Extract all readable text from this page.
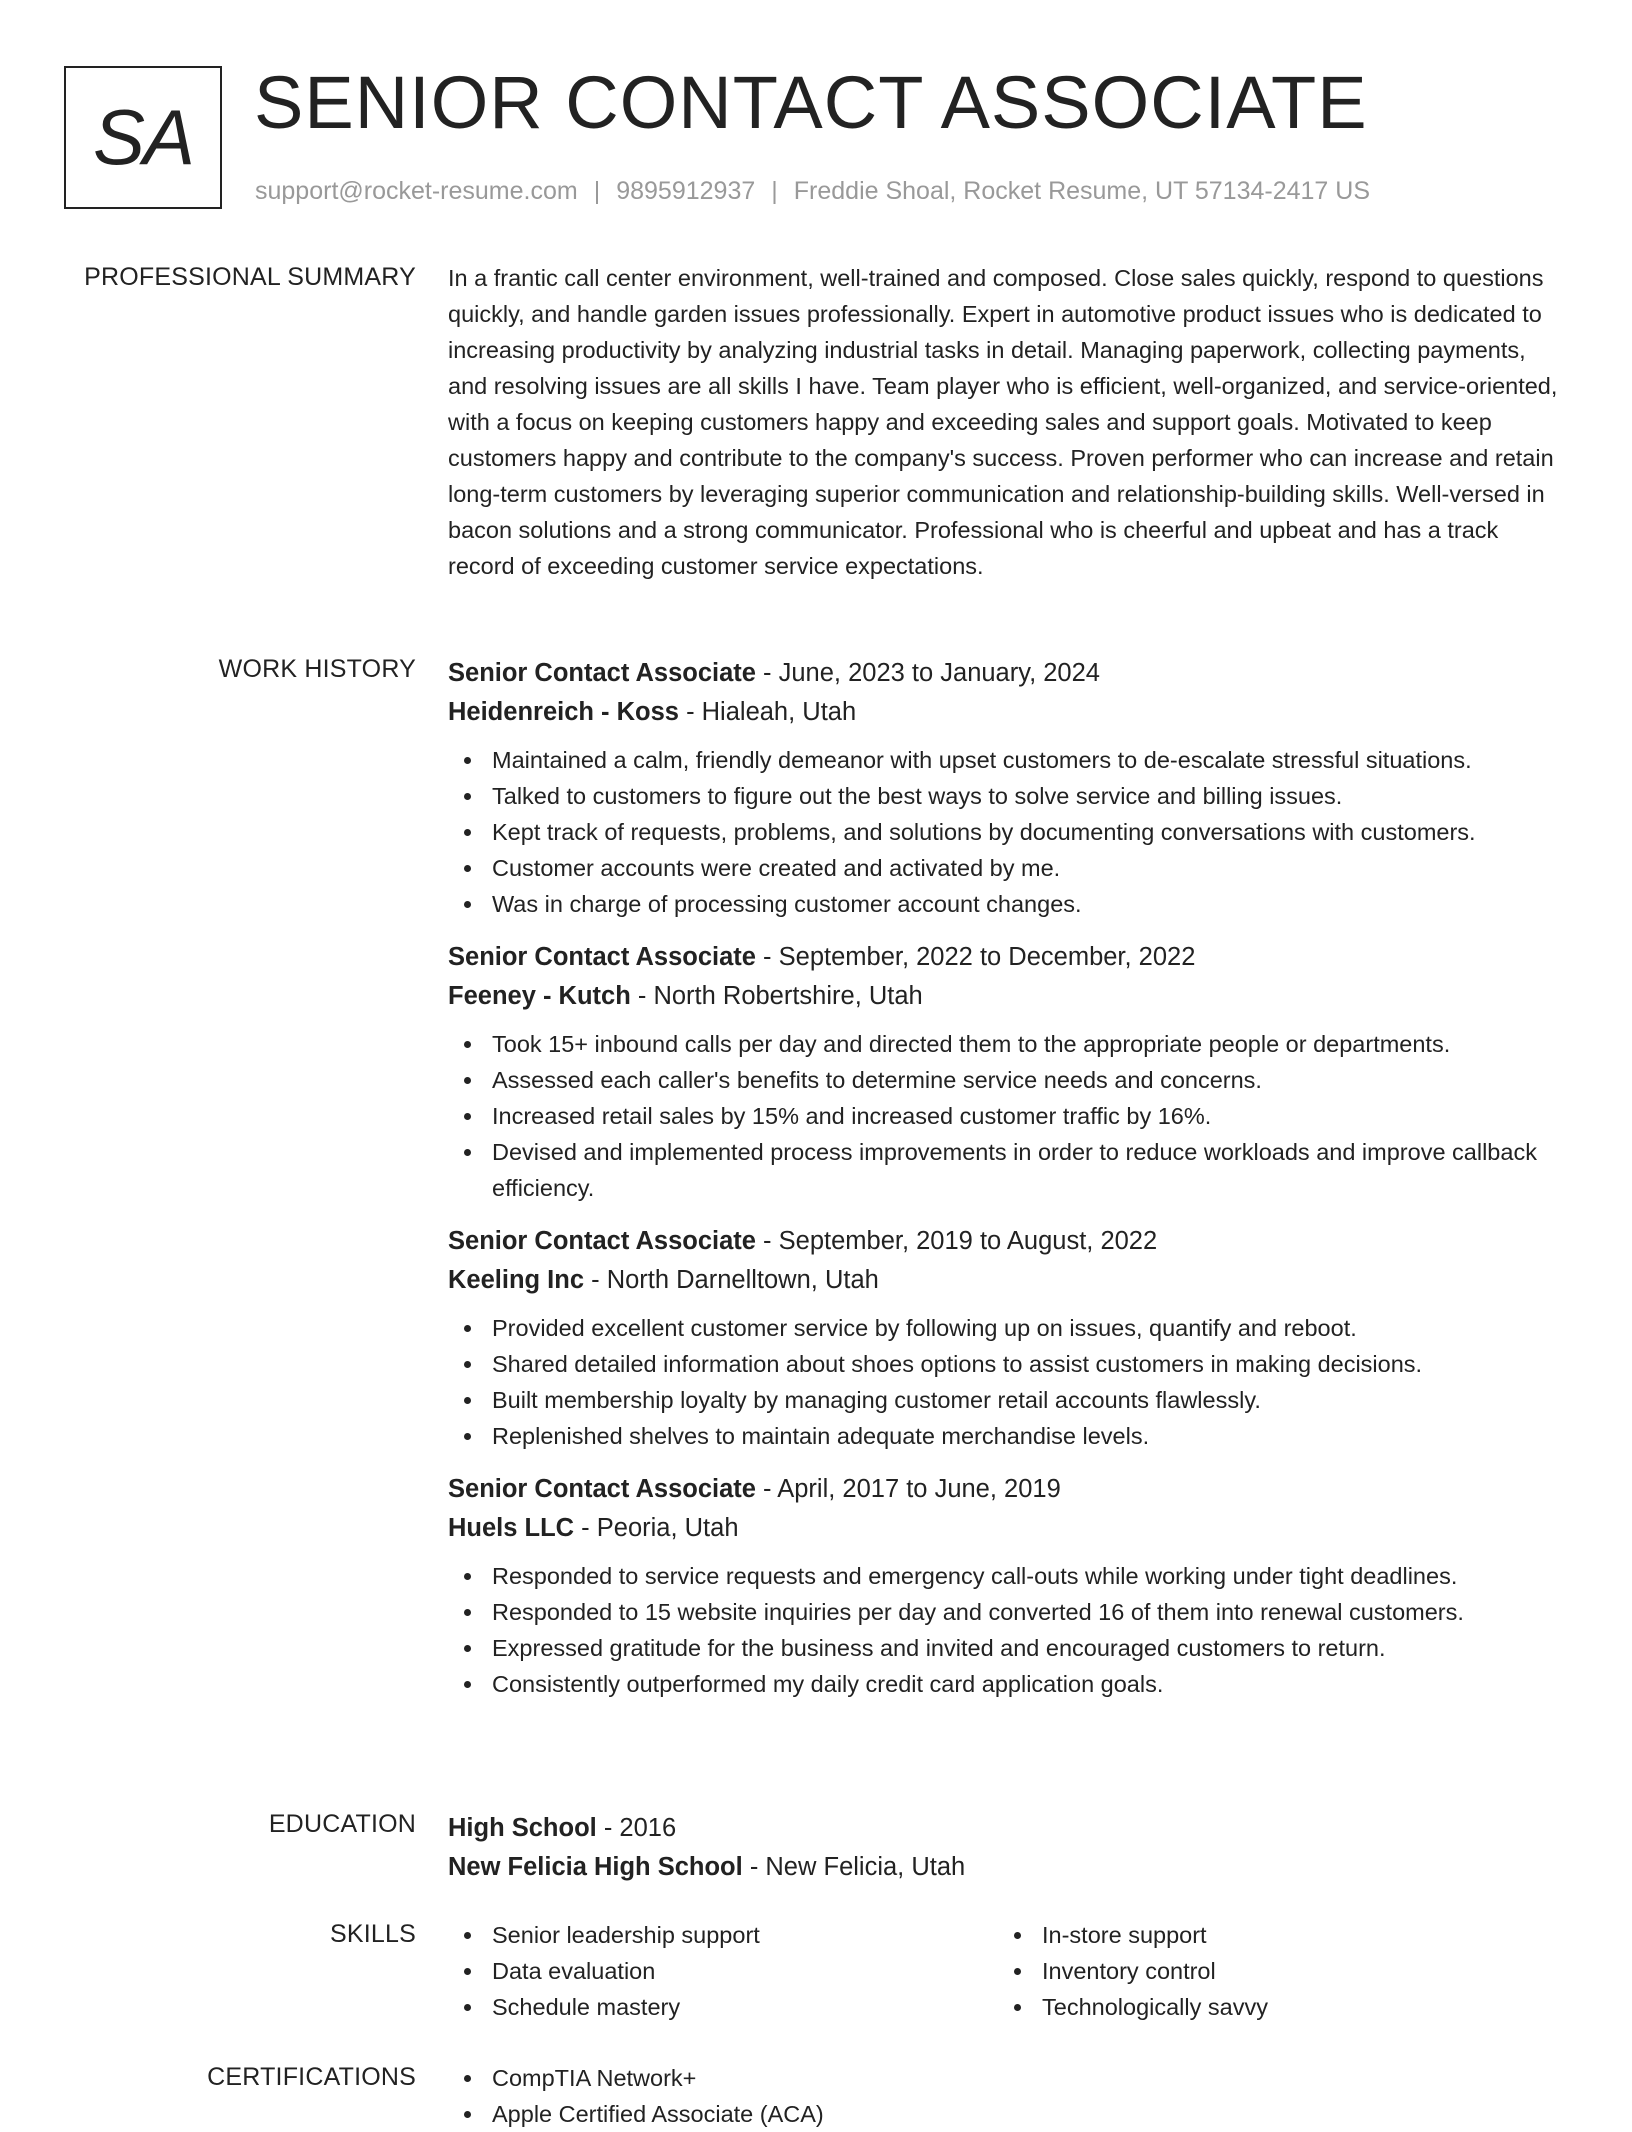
SA SENIOR CONTACT ASSOCIATE
support@rocket-resume.com | 9895912937 | Freddie Shoal, Rocket Resume, UT 57134-2417 US
PROFESSIONAL SUMMARY In a frantic call center environment, well-trained and composed. Close sales quickly, respond to questions quickly, and handle garden issues professionally. Expert in automotive product issues who is dedicated to increasing productivity by analyzing industrial tasks in detail. Managing paperwork, collecting payments, and resolving issues are all skills I have. Team player who is efficient, well-organized, and service-oriented, with a focus on keeping customers happy and exceeding sales and support goals. Motivated to keep customers happy and contribute to the company's success. Proven performer who can increase and retain long-term customers by leveraging superior communication and relationship-building skills. Well-versed in bacon solutions and a strong communicator. Professional who is cheerful and upbeat and has a track record of exceeding customer service expectations.
WORK HISTORY Senior Contact Associate - June, 2023 to January, 2024
Heidenreich - Koss - Hialeah, Utah
Maintained a calm, friendly demeanor with upset customers to de-escalate stressful situations.
Talked to customers to figure out the best ways to solve service and billing issues.
Kept track of requests, problems, and solutions by documenting conversations with customers.
Customer accounts were created and activated by me.
Was in charge of processing customer account changes.
Senior Contact Associate - September, 2022 to December, 2022
Feeney - Kutch - North Robertshire, Utah
Took 15+ inbound calls per day and directed them to the appropriate people or departments.
Assessed each caller's benefits to determine service needs and concerns.
Increased retail sales by 15% and increased customer traffic by 16%.
Devised and implemented process improvements in order to reduce workloads and improve callback efficiency.
Senior Contact Associate - September, 2019 to August, 2022
Keeling Inc - North Darnelltown, Utah
Provided excellent customer service by following up on issues, quantify and reboot.
Shared detailed information about shoes options to assist customers in making decisions.
Built membership loyalty by managing customer retail accounts flawlessly.
Replenished shelves to maintain adequate merchandise levels.
Senior Contact Associate - April, 2017 to June, 2019
Huels LLC - Peoria, Utah
Responded to service requests and emergency call-outs while working under tight deadlines.
Responded to 15 website inquiries per day and converted 16 of them into renewal customers.
Expressed gratitude for the business and invited and encouraged customers to return.
Consistently outperformed my daily credit card application goals.
EDUCATION High School - 2016
New Felicia High School - New Felicia, Utah
SKILLS	Senior leadership support
Data evaluation
Schedule mastery
In-store support
Inventory control
Technologically savvy
CERTIFICATIONS	CompTIA Network+
Apple Certified Associate (ACA)
